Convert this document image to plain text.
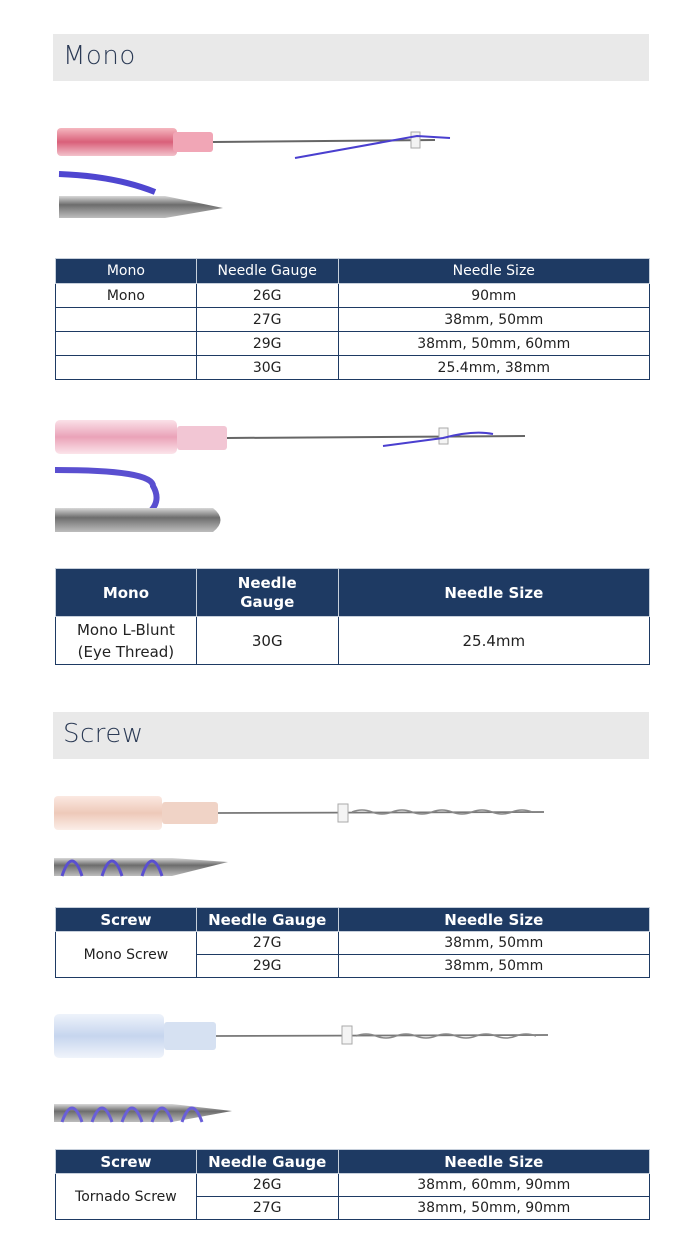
Mono
Mono	Needle Gauge	Needle Size
Mono	26G	90mm
	27G	38mm, 50mm
	29G	38mm, 50mm, 60mm
	30G	25.4mm, 38mm
Mono	Needle Gauge	Needle Size
Mono L-Blunt (Eye Thread)	30G	25.4mm
Screw
Screw	Needle Gauge	Needle Size
Mono Screw	27G	38mm, 50mm
	29G	38mm, 50mm
Screw	Needle Gauge	Needle Size
Tornado Screw	26G	38mm, 60mm, 90mm
	27G	38mm, 50mm, 90mm
